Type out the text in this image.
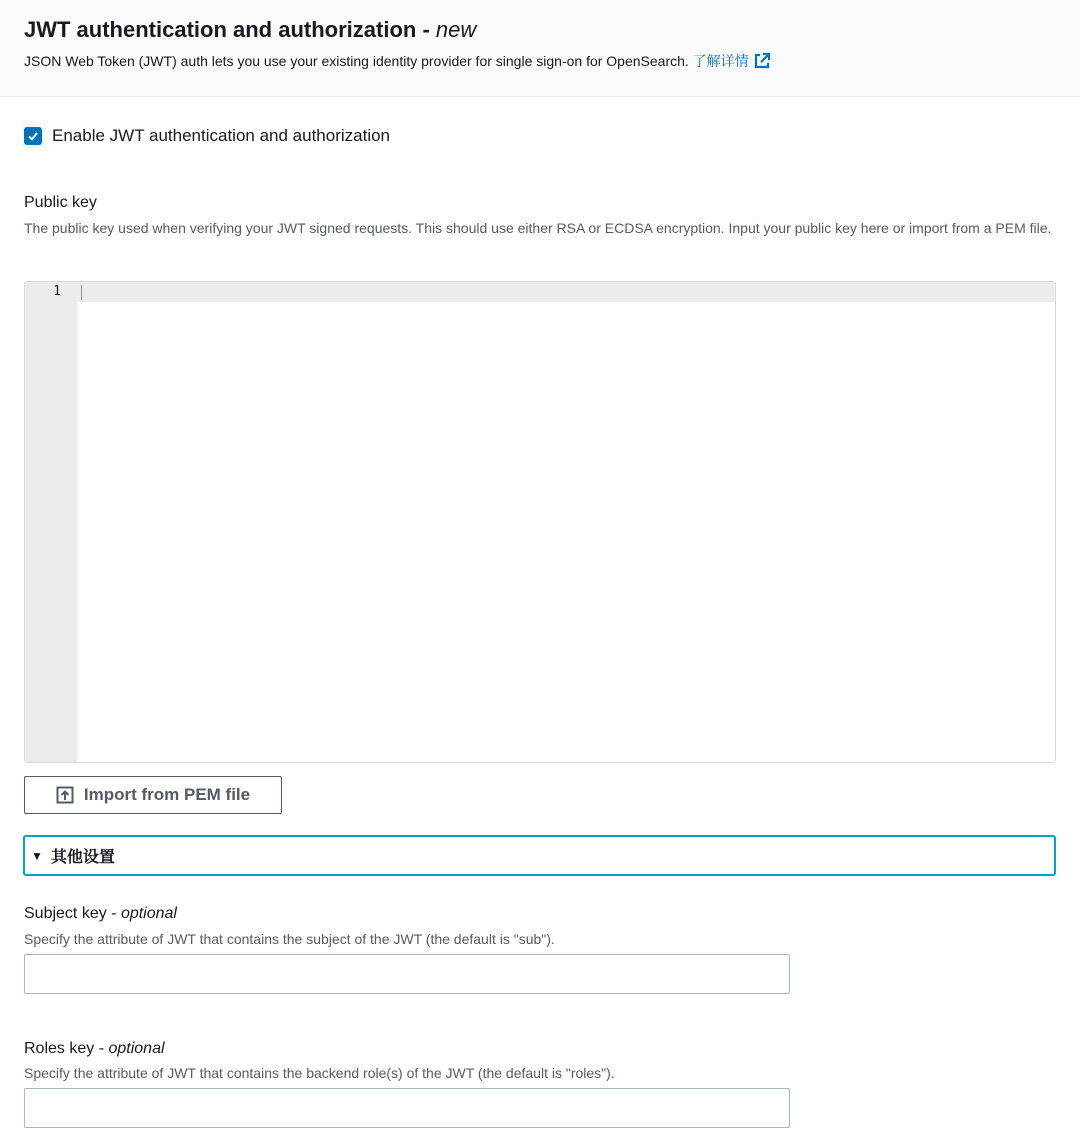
JWT authentication and authorization - new
JSON Web Token (JWT) auth lets you use your existing identity provider for single sign-on for OpenSearch. 了解详情
Enable JWT authentication and authorization
Public key
The public key used when verifying your JWT signed requests. This should use either RSA or ECDSA encryption. Input your public key here or import from a PEM file.
1
Import from PEM file
▼ 其他设置
Subject key - optional
Specify the attribute of JWT that contains the subject of the JWT (the default is "sub").
Roles key - optional
Specify the attribute of JWT that contains the backend role(s) of the JWT (the default is "roles").
